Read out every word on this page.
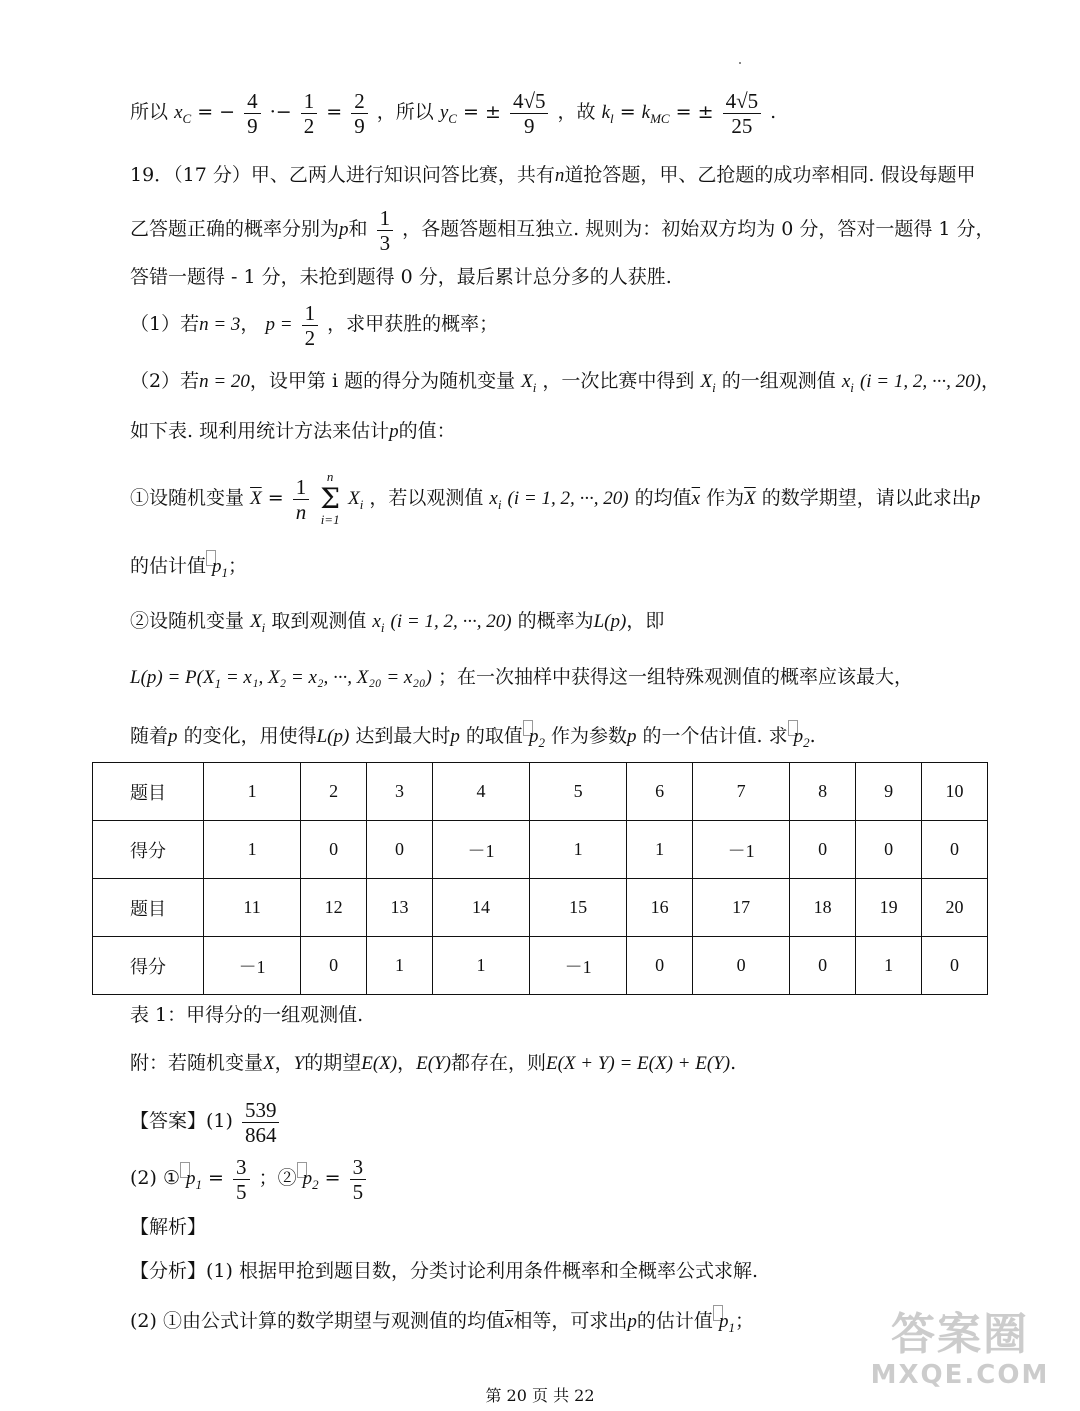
所以 $x_C$ = − $\frac{4}{9} \cdot- \frac{1}{2} = \frac{2}{9}$ ，所以 $y_C$ = ± $\frac{4√5}{9}$ ，故 $k_l = k_{MC}$ = ± $\frac{4√5}{25}$ .
19．（17 分）甲、乙两人进行知识问答比赛，共有n道抢答题，甲、乙抢题的成功率相同. 假设每题甲
乙答题正确的概率分别为p和 $\frac{1}{3}$ ，各题答题相互独立. 规则为：初始双方均为 0 分，答对一题得 1 分，
答错一题得 - 1 分，未抢到题得 0 分，最后累计总分多的人获胜.
（1）若n = 3， $p = \frac{1}{2}$ ，求甲获胜的概率；
（2）若n = 20，设甲第 i 题的得分为随机变量 $X_i$ ，一次比赛中得到 $X_i$ 的一组观测值 $x_i$ (i = 1, 2, ···, 20)，
如下表. 现利用统计方法来估计p的值：
①设随机变量 $\overline{X} = \frac{1}{n}$ n
Σ
i=1 $X_i$ ，若以观测值 $x_i$ (i = 1, 2, ···, 20) 的均值$\overline{x}$ 作为$\overline{X}$ 的数学期望，请以此求出p
的估计值 $p_1$；
②设随机变量 $X_i$ 取到观测值 $x_i$ (i = 1, 2, ···, 20) 的概率为L(p)，即
$L(p) = P(X_1 = x_1$, X₂ = x₂, ···, X₂₀ = x₂₀) ；在一次抽样中获得这一组特殊观测值的概率应该最大，
随着p 的变化，用使得L(p) 达到最大时p 的取值 $p_2$ 作为参数p 的一个估计值. 求 $p_2$.
题目	1	2	3	4	5	6	7	8	9	10
得分	1	0	0	－1	1	1	－1	0	0	0
题目	11	12	13	14	15	16	17	18	19	20
得分	－1	0	1	1	－1	0	0	0	1	0
表 1：甲得分的一组观测值.
附：若随机变量X，Y的期望E(X)，E(Y)都存在，则E(X + Y) = E(X) + E(Y).
【答案】$(1) \frac{539}{864}$
(2) ① $p_1 = \frac{3}{5}$ ；② $p_2 = \frac{3}{5}$
【解析】
【分析】(1) 根据甲抢到题目数，分类讨论利用条件概率和全概率公式求解.
(2) ①由公式计算的数学期望与观测值的均值$\overline{x}$相等，可求出p的估计值 $p_1$；	答案圈
MXQE.COM
第 20 页 共 22
